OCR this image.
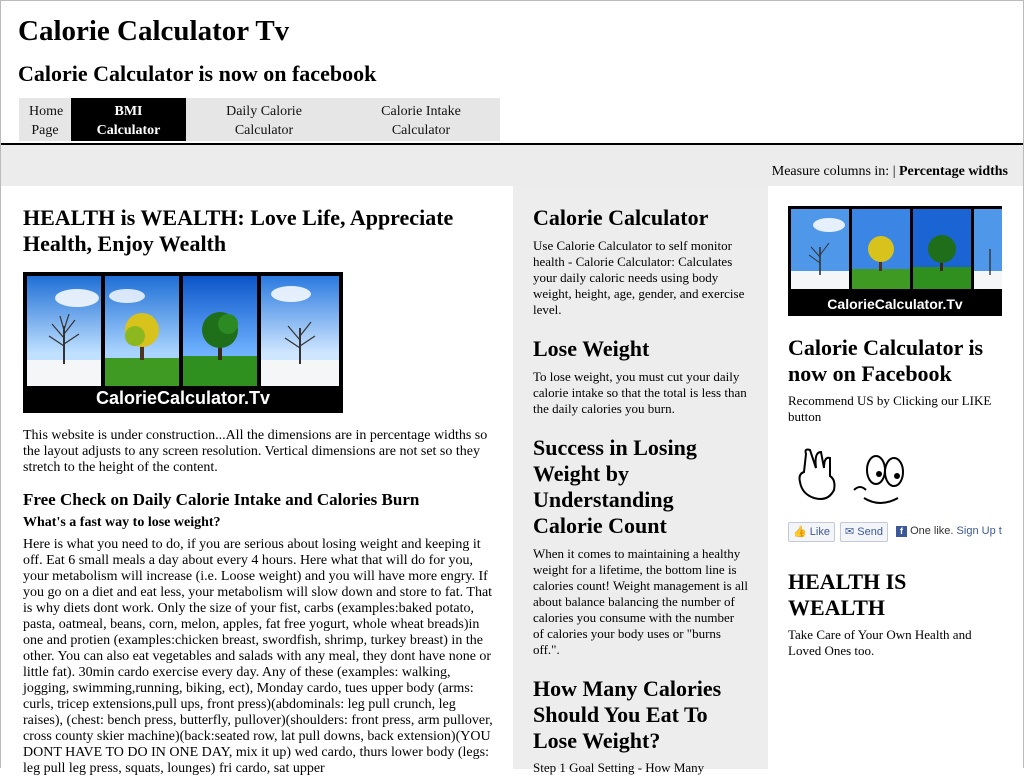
Calorie Calculator Tv
Calorie Calculator is now on facebook
Home
Page
BMI Calculator

Daily Calorie Calculator

Calorie Intake Calculator

Measure columns in: | Percentage widths
HEALTH is WEALTH: Love Life, Appreciate Health, Enjoy Wealth
CalorieCalculator.Tv

This website is under construction...All the dimensions are in percentage widths so the layout adjusts to any screen resolution. Vertical dimensions are not set so they stretch to the height of the content.

Free Check on Daily Calorie Intake and Calories Burn
What's a fast way to lose weight?

Here is what you need to do, if you are serious about losing weight and keeping it off. Eat 6 small meals a day about every 4 hours. Here what that will do for you, your metabolism will increase (i.e. Loose weight) and you will have more engry. If you go on a diet and eat less, your metabolism will slow down and store to fat. That is why diets dont work. Only the size of your fist, carbs (examples:baked potato, pasta, oatmeal, beans, corn, melon, apples, fat free yogurt, whole wheat breads)in one and protien (examples:chicken breast, swordfish, shrimp, turkey breast) in the other. You can also eat vegetables and salads with any meal, they dont have none or little fat). 30min cardo exercise every day. Any of these (examples: walking, jogging, swimming,running, biking, ect), Monday cardo, tues upper body (arms: curls, tricep extensions,pull ups, front press)(abdominals: leg pull crunch, leg raises), (chest: bench press, butterfly, pullover)(shoulders: front press, arm pullover, cross county skier machine)(back:seated row, lat pull downs, back extension)(YOU DONT HAVE TO DO IN ONE DAY, mix it up) wed cardo, thurs lower body (legs: leg pull leg press, squats, lounges) fri cardo, sat upper

Calorie Calculator

Use Calorie Calculator to self monitor health - Calorie Calculator: Calculates your daily caloric needs using body weight, height, age, gender, and exercise level.

Lose Weight

To lose weight, you must cut your daily calorie intake so that the total is less than the daily calories you burn.

Success in Losing Weight by Understanding Calorie Count

When it comes to maintaining a healthy weight for a lifetime, the bottom line is calories count! Weight management is all about balance balancing the number of calories you consume with the number of calories your body uses or "burns off.".

How Many Calories Should You Eat To Lose Weight?

Step 1 Goal Setting - How Many

CalorieCalculator.Tv
Calorie Calculator is now on Facebook

Recommend US by Clicking our LIKE button

👍 Like	✉ Send	f One like. Sign Up t
HEALTH IS WEALTH

Take Care of Your Own Health and Loved Ones too.
